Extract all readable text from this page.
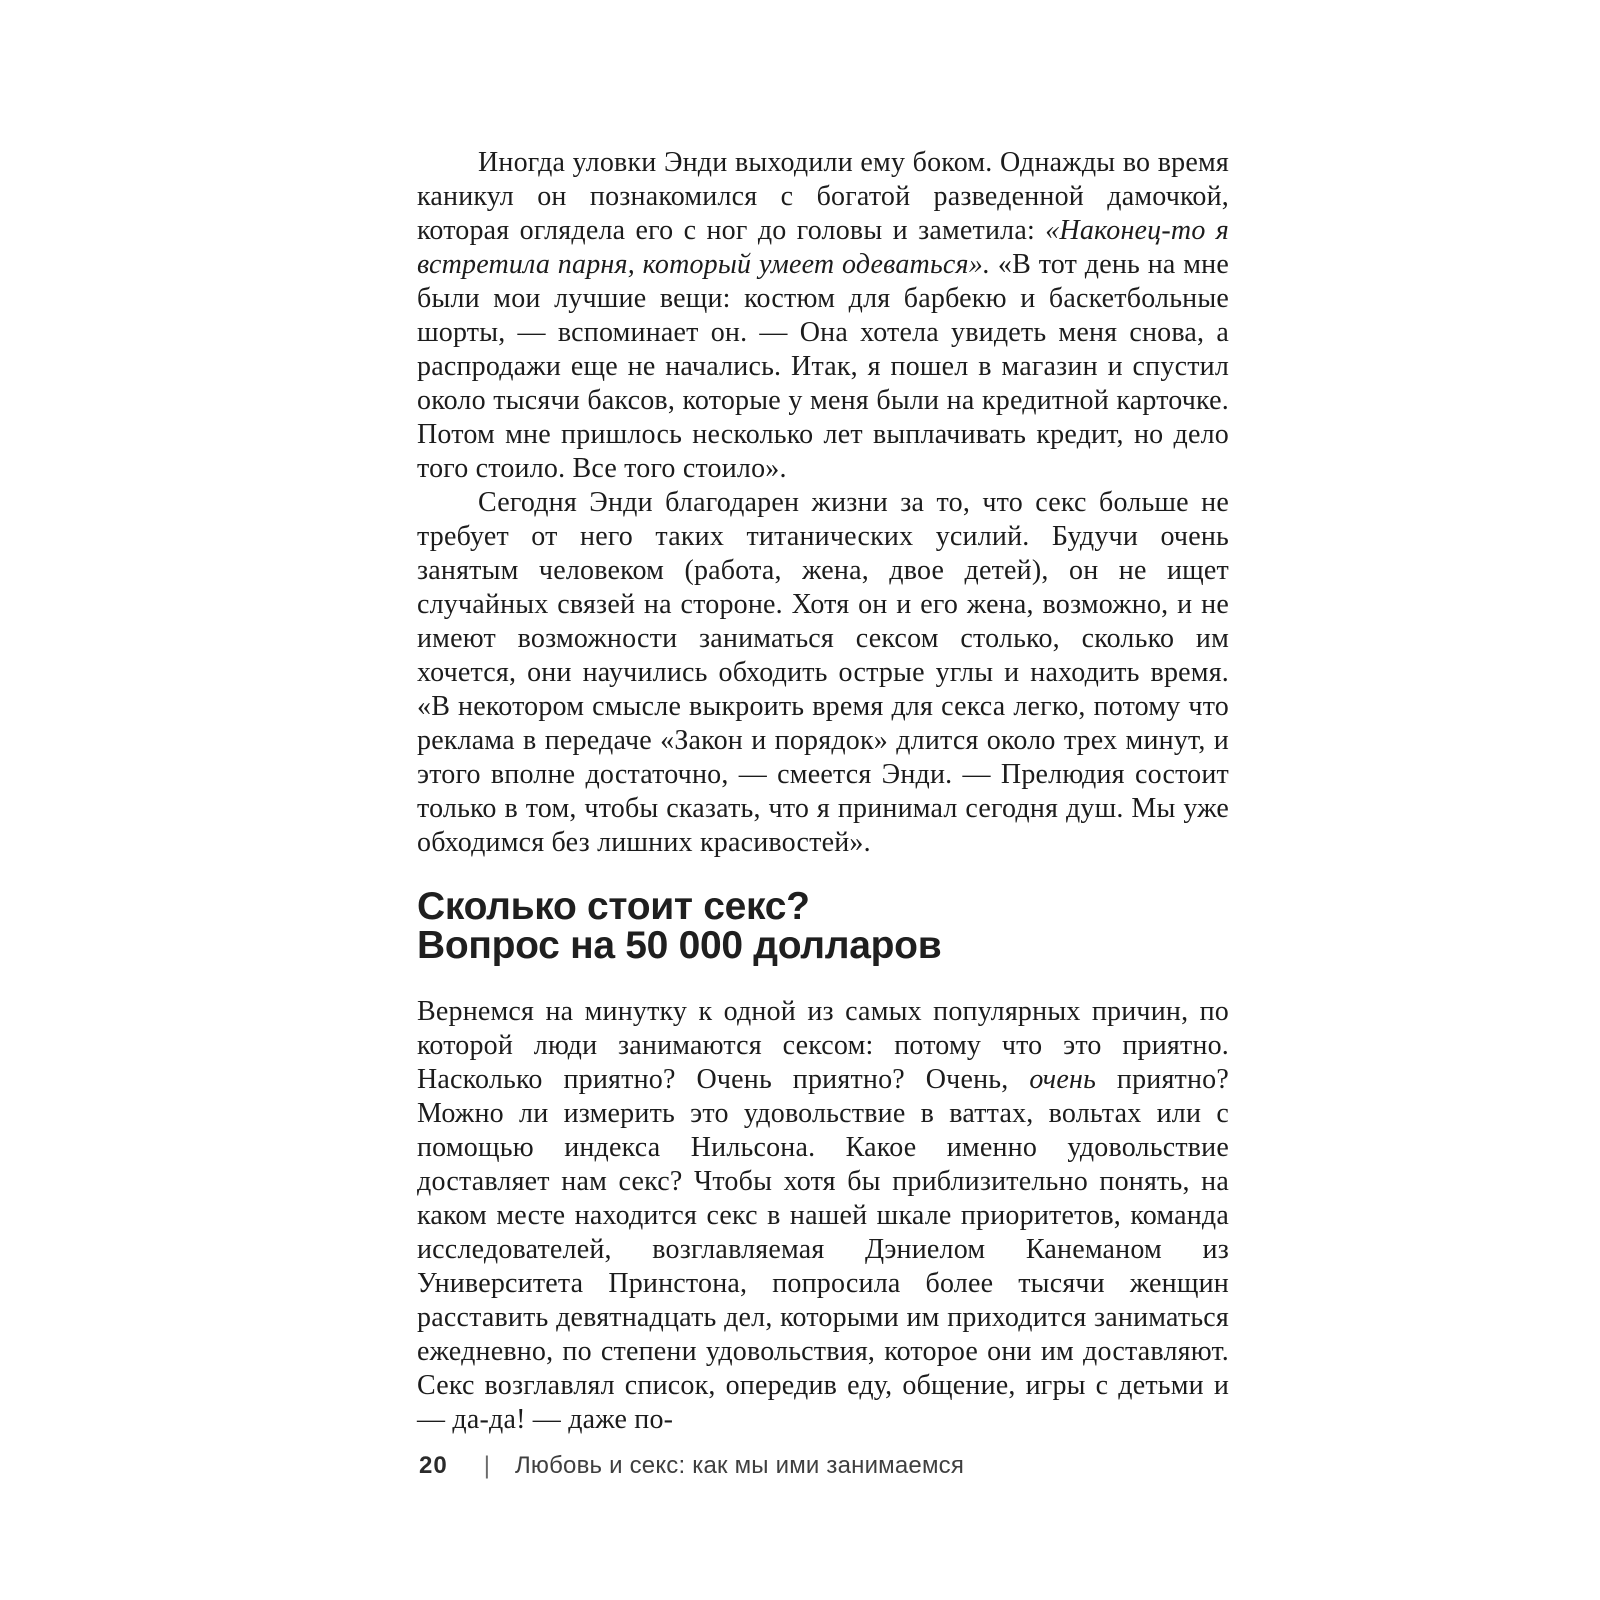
Иногда уловки Энди выходили ему боком. Однажды во время каникул он познакомился с богатой разведенной дамочкой, которая оглядела его с ног до головы и заметила: «Наконец-то я встретила парня, который умеет одеваться». «В тот день на мне были мои лучшие вещи: костюм для барбекю и баскетбольные шорты, — вспоминает он. — Она хотела увидеть меня снова, а распродажи еще не начались. Итак, я пошел в магазин и спустил около тысячи баксов, которые у меня были на кредитной карточке. Потом мне пришлось несколько лет выплачивать кредит, но дело того стоило. Все того стоило».

Сегодня Энди благодарен жизни за то, что секс больше не требует от него таких титанических усилий. Будучи очень занятым человеком (работа, жена, двое детей), он не ищет случайных связей на стороне. Хотя он и его жена, возможно, и не имеют возможности заниматься сексом столько, сколько им хочется, они научились обходить острые углы и находить время. «В некотором смысле выкроить время для секса легко, потому что реклама в передаче «Закон и порядок» длится около трех минут, и этого вполне достаточно, — смеется Энди. — Прелюдия состоит только в том, чтобы сказать, что я принимал сегодня душ. Мы уже обходимся без лишних красивостей».

Сколько стоит секс?
Вопрос на 50 000 долларов

Вернемся на минутку к одной из самых популярных причин, по которой люди занимаются сексом: потому что это приятно. Насколько приятно? Очень приятно? Очень, очень приятно? Можно ли измерить это удовольствие в ваттах, вольтах или с помощью индекса Нильсона. Какое именно удовольствие доставляет нам секс? Чтобы хотя бы приблизительно понять, на каком месте находится секс в нашей шкале приоритетов, команда исследователей, возглавляемая Дэниелом Канеманом из Университета Принстона, попросила более тысячи женщин расставить девятнадцать дел, которыми им приходится заниматься ежедневно, по степени удовольствия, которое они им доставляют. Секс возглавлял список, опередив еду, общение, игры с детьми и — да-да! — даже по-

20 | Любовь и секс: как мы ими занимаемся
